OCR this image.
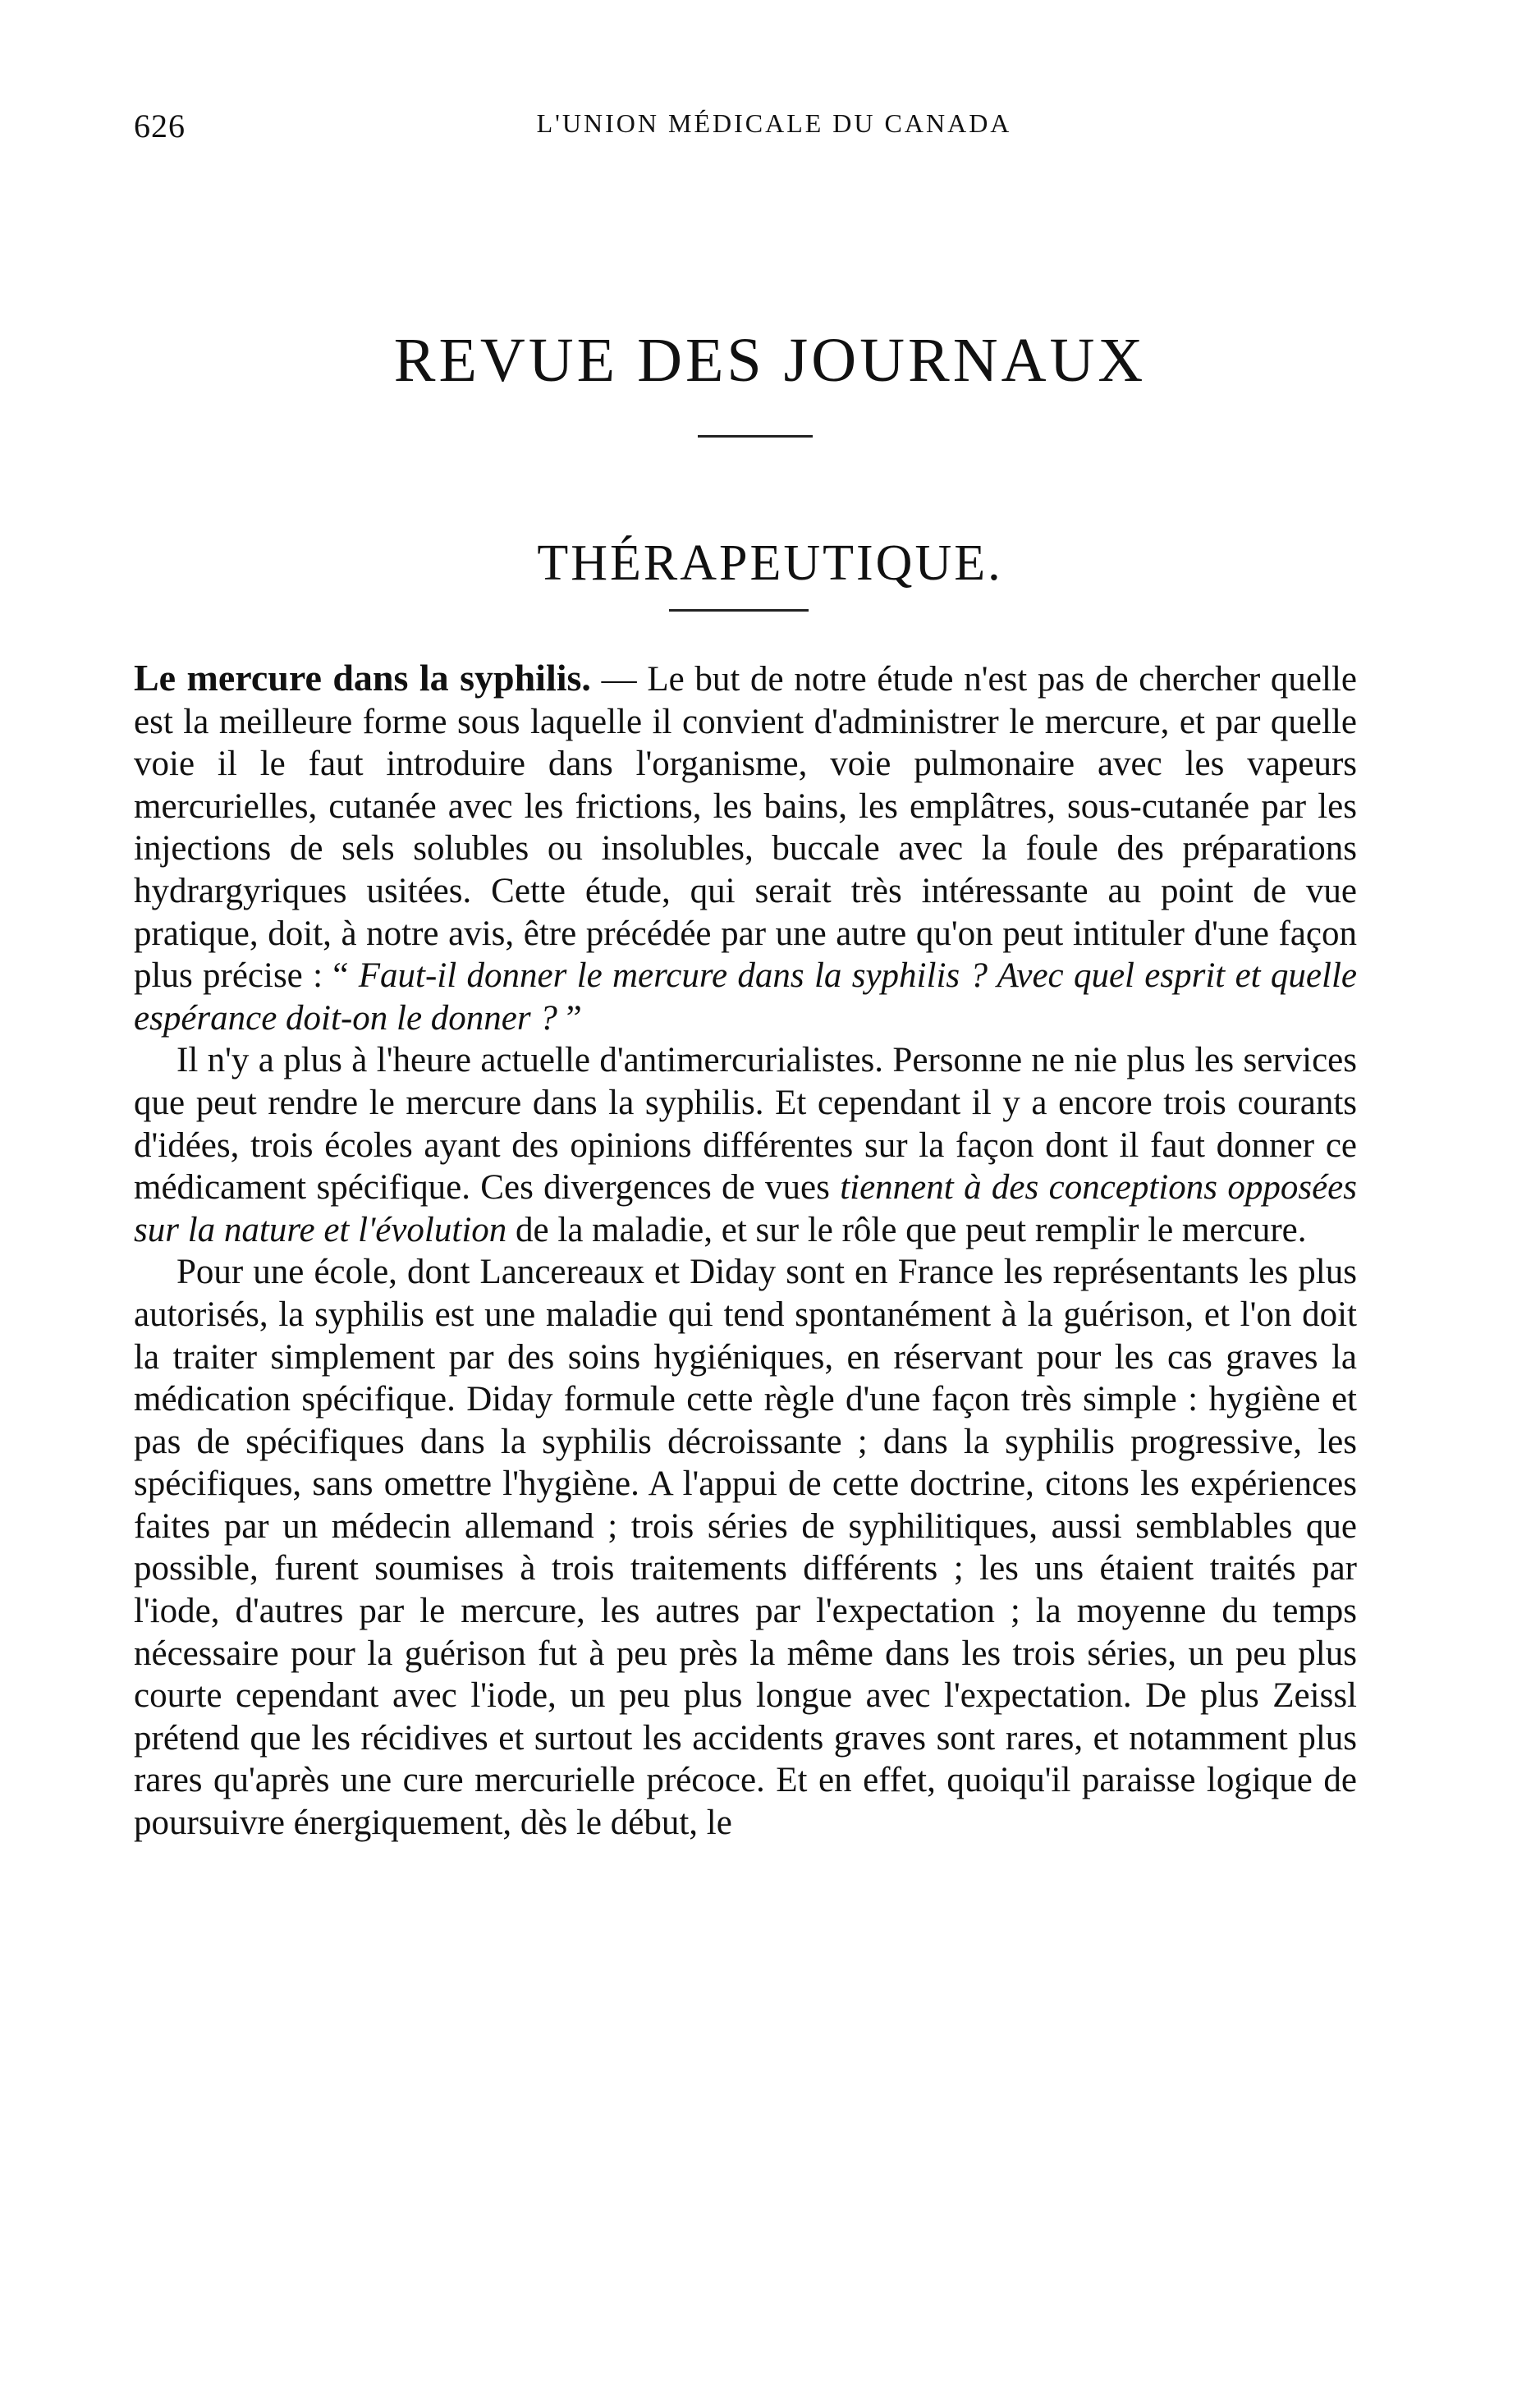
626	L'UNION MÉDICALE DU CANADA
REVUE DES JOURNAUX
THÉRAPEUTIQUE.

Le mercure dans la syphilis. — Le but de notre étude n'est pas de chercher quelle est la meilleure forme sous laquelle il convient d'administrer le mercure, et par quelle voie il le faut introduire dans l'organisme, voie pulmonaire avec les vapeurs mercurielles, cutanée avec les frictions, les bains, les emplâtres, sous-cutanée par les injections de sels solubles ou insolubles, buccale avec la foule des préparations hydrargyriques usitées. Cette étude, qui serait très intéressante au point de vue pratique, doit, à notre avis, être précédée par une autre qu'on peut intituler d'une façon plus précise : “ Faut-il donner le mercure dans la syphilis ? Avec quel esprit et quelle espérance doit-on le donner ? ”

Il n'y a plus à l'heure actuelle d'antimercurialistes. Personne ne nie plus les services que peut rendre le mercure dans la syphilis. Et cependant il y a encore trois courants d'idées, trois écoles ayant des opinions différentes sur la façon dont il faut donner ce médicament spécifique. Ces divergences de vues tiennent à des conceptions opposées sur la nature et l'évolution de la maladie, et sur le rôle que peut remplir le mercure.

Pour une école, dont Lancereaux et Diday sont en France les représentants les plus autorisés, la syphilis est une maladie qui tend spontanément à la guérison, et l'on doit la traiter simplement par des soins hygiéniques, en réservant pour les cas graves la médication spécifique. Diday formule cette règle d'une façon très simple : hygiène et pas de spécifiques dans la syphilis décroissante ; dans la syphilis progressive, les spécifiques, sans omettre l'hygiène. A l'appui de cette doctrine, citons les expériences faites par un médecin allemand ; trois séries de syphilitiques, aussi semblables que possible, furent soumises à trois traitements différents ; les uns étaient traités par l'iode, d'autres par le mercure, les autres par l'expectation ; la moyenne du temps nécessaire pour la guérison fut à peu près la même dans les trois séries, un peu plus courte cependant avec l'iode, un peu plus longue avec l'expectation. De plus Zeissl prétend que les récidives et surtout les accidents graves sont rares, et notamment plus rares qu'après une cure mercurielle précoce. Et en effet, quoiqu'il paraisse logique de poursuivre énergiquement, dès le début, le
